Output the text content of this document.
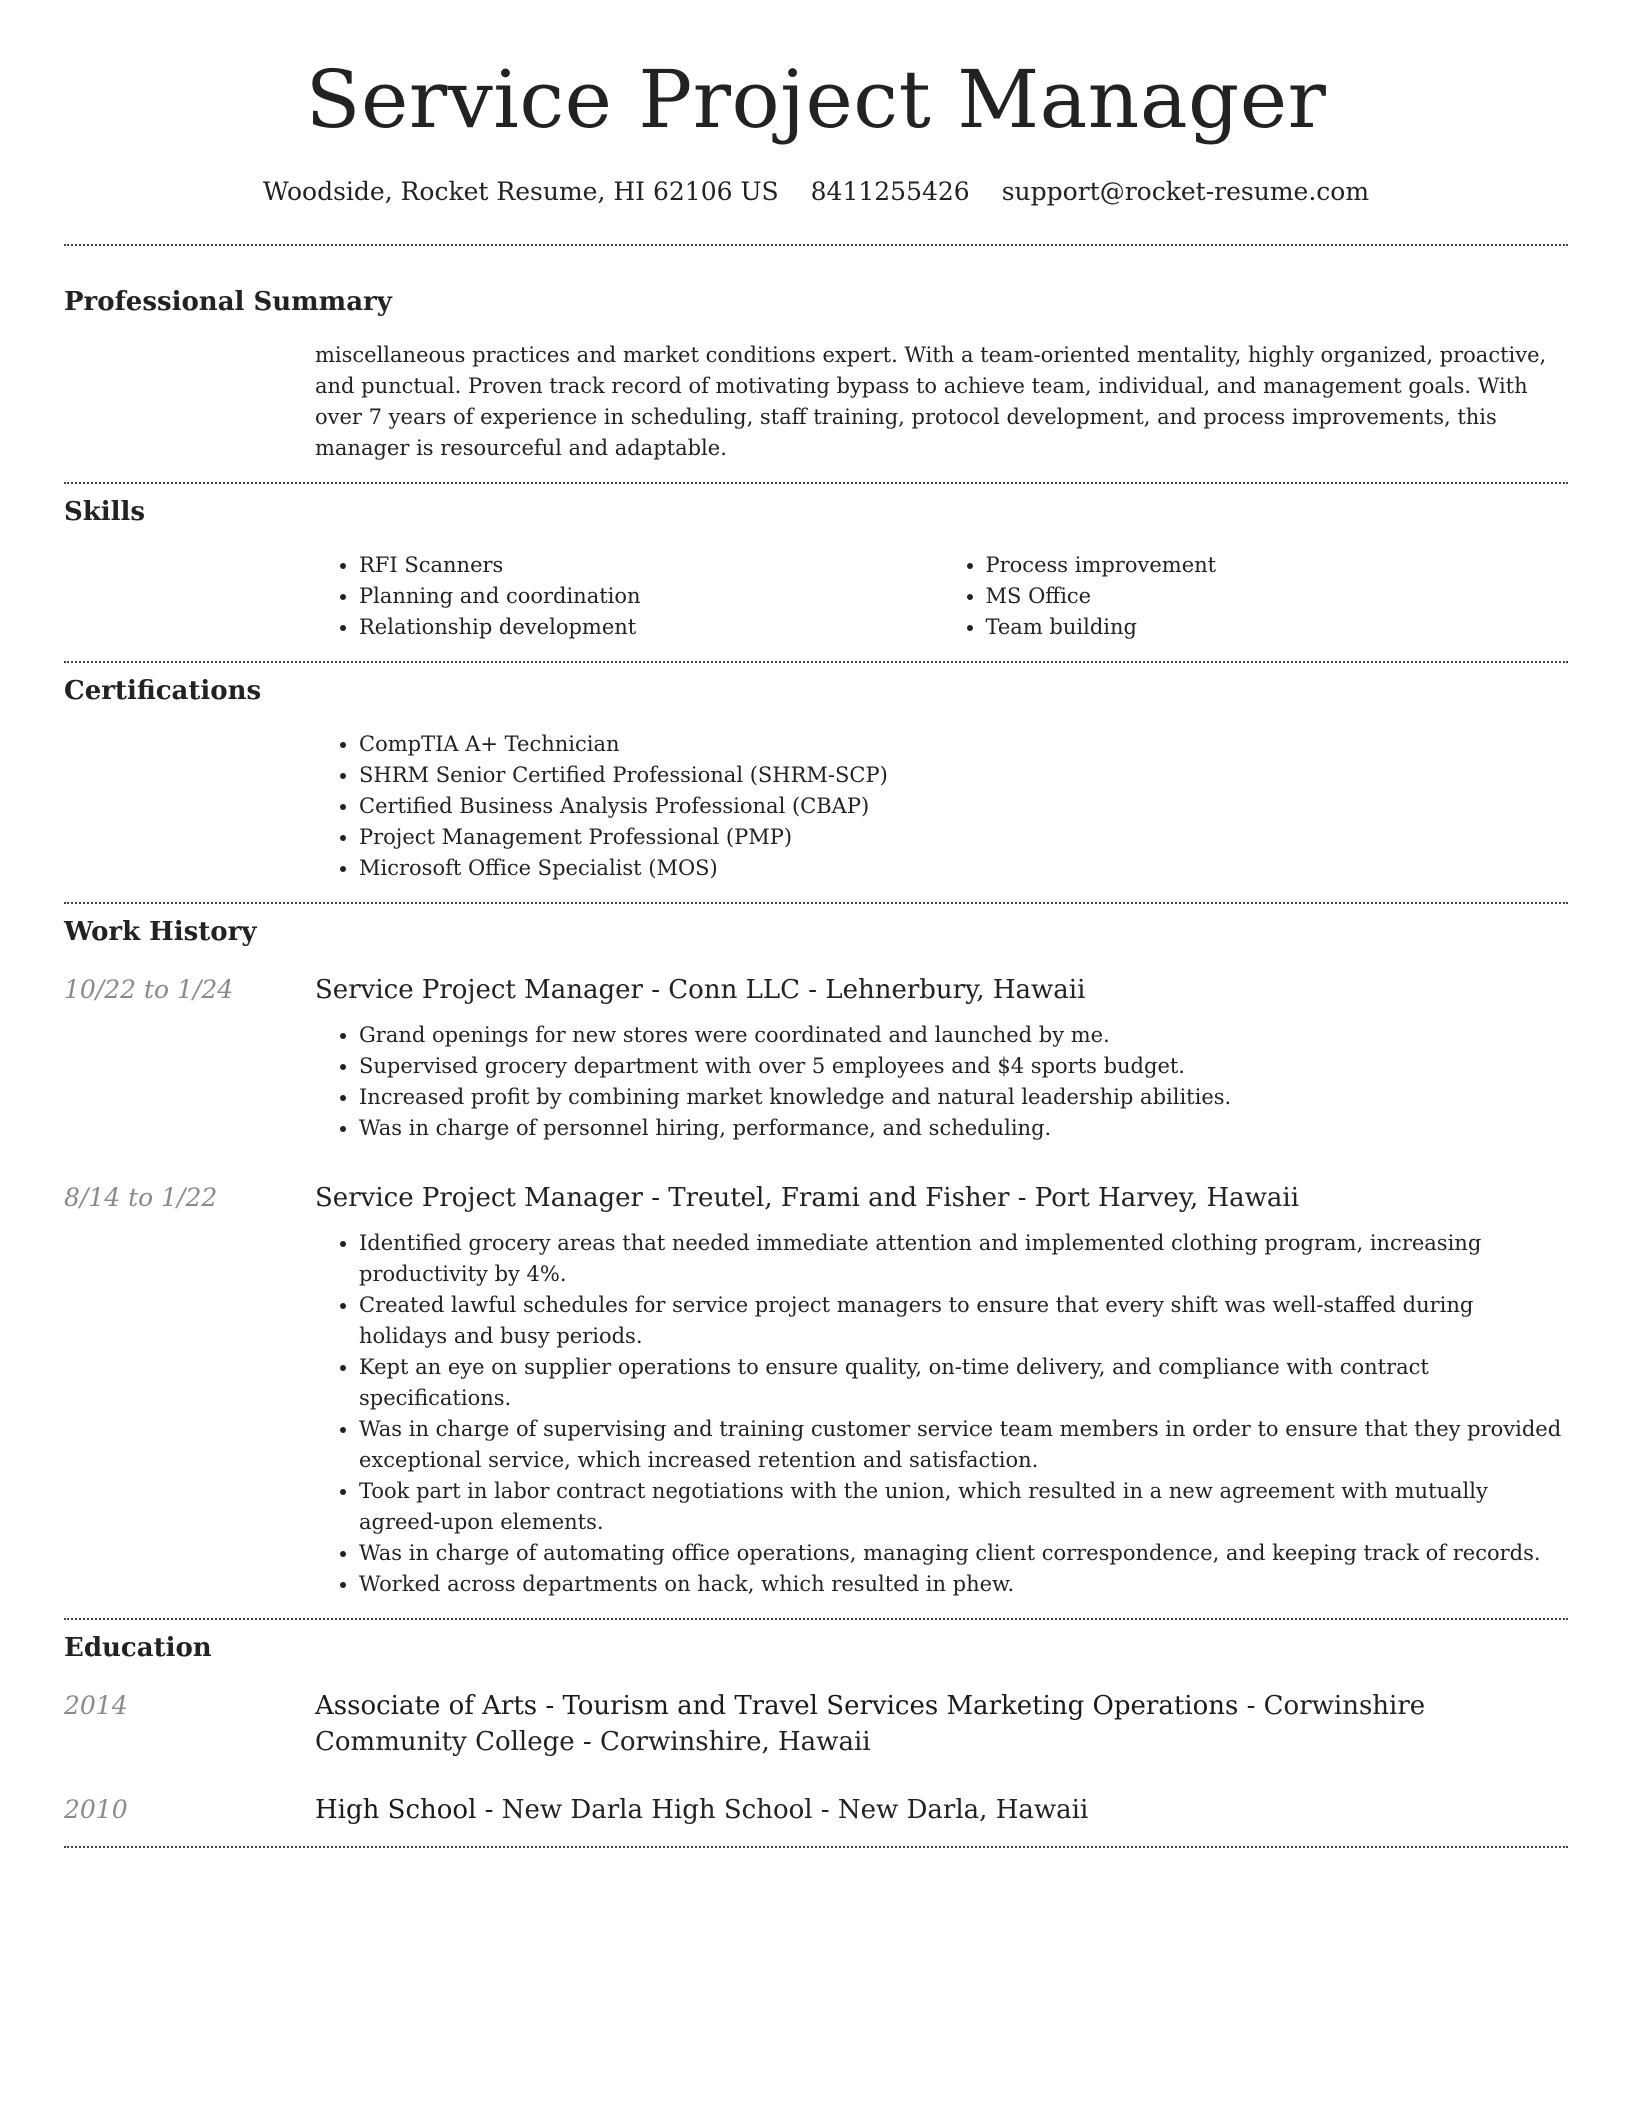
Service Project Manager
Woodside, Rocket Resume, HI 62106 US 8411255426 support@rocket-resume.com
Professional Summary

miscellaneous practices and market conditions expert. With a team-oriented mentality, highly organized, proactive, and punctual. Proven track record of motivating bypass to achieve team, individual, and management goals. With over 7 years of experience in scheduling, staff training, protocol development, and process improvements, this manager is resourceful and adaptable.

Skills
• RFI Scanners
• Planning and coordination
• Relationship development
• Process improvement
• MS Office
• Team building
Certifications
• CompTIA A+ Technician
• SHRM Senior Certified Professional (SHRM-SCP)
• Certified Business Analysis Professional (CBAP)
• Project Management Professional (PMP)
• Microsoft Office Specialist (MOS)
Work History
10/22 to 1/24	Service Project Manager - Conn LLC - Lehnerbury, Hawaii
• Grand openings for new stores were coordinated and launched by me.
• Supervised grocery department with over 5 employees and $4 sports budget.
• Increased profit by combining market knowledge and natural leadership abilities.
• Was in charge of personnel hiring, performance, and scheduling.
8/14 to 1/22	Service Project Manager - Treutel, Frami and Fisher - Port Harvey, Hawaii
• Identified grocery areas that needed immediate attention and implemented clothing program, increasing productivity by 4%.
• Created lawful schedules for service project managers to ensure that every shift was well-staffed during holidays and busy periods.
• Kept an eye on supplier operations to ensure quality, on-time delivery, and compliance with contract specifications.
• Was in charge of supervising and training customer service team members in order to ensure that they provided exceptional service, which increased retention and satisfaction.
• Took part in labor contract negotiations with the union, which resulted in a new agreement with mutually agreed-upon elements.
• Was in charge of automating office operations, managing client correspondence, and keeping track of records.
• Worked across departments on hack, which resulted in phew.
Education
2014	Associate of Arts - Tourism and Travel Services Marketing Operations - Corwinshire Community College - Corwinshire, Hawaii
2010	High School - New Darla High School - New Darla, Hawaii
